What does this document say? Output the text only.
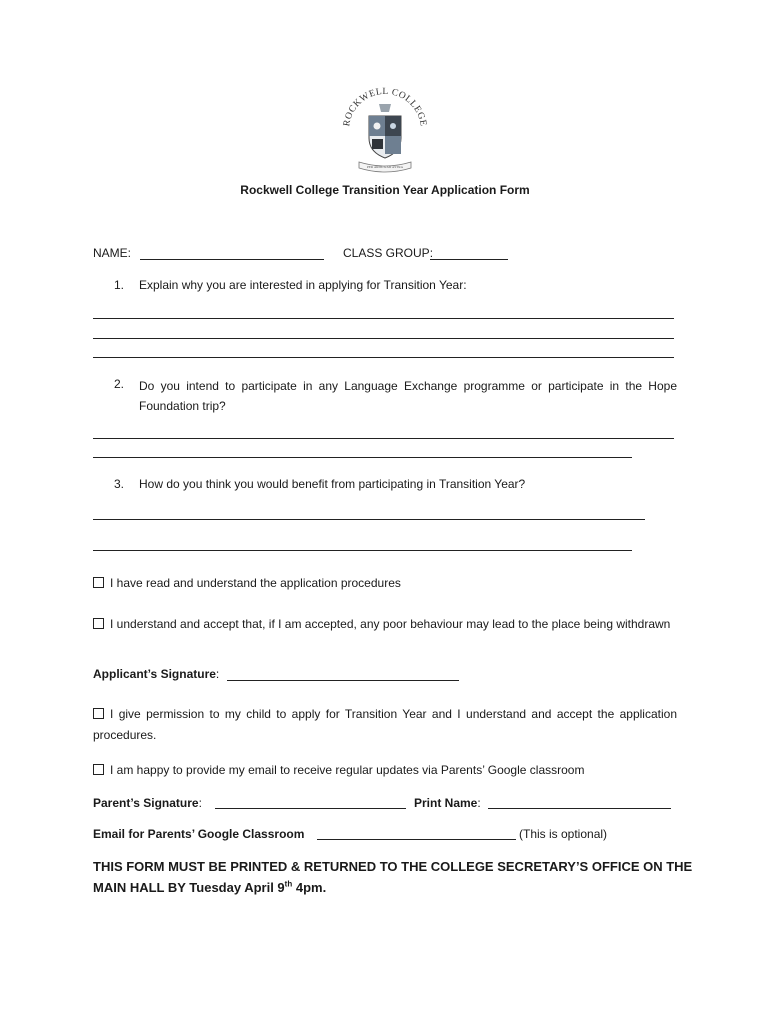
ROCKWELL COLLEGE
PER ARDUA AD ASTRA
Rockwell College Transition Year Application Form
NAME:	CLASS GROUP:
1. Explain why you are interested in applying for Transition Year:
2. Do you intend to participate in any Language Exchange programme or participate in the Hope Foundation trip?
3. How do you think you would benefit from participating in Transition Year?
I have read and understand the application procedures
I understand and accept that, if I am accepted, any poor behaviour may lead to the place being withdrawn
Applicant’s Signature:
I give permission to my child to apply for Transition Year and I understand and accept the application procedures.
I am happy to provide my email to receive regular updates via Parents’ Google classroom
Parent’s Signature:	Print Name:
Email for Parents’ Google Classroom	(This is optional)
THIS FORM MUST BE PRINTED & RETURNED TO THE COLLEGE SECRETARY’S OFFICE ON THE
MAIN HALL BY Tuesday April 9th 4pm.
